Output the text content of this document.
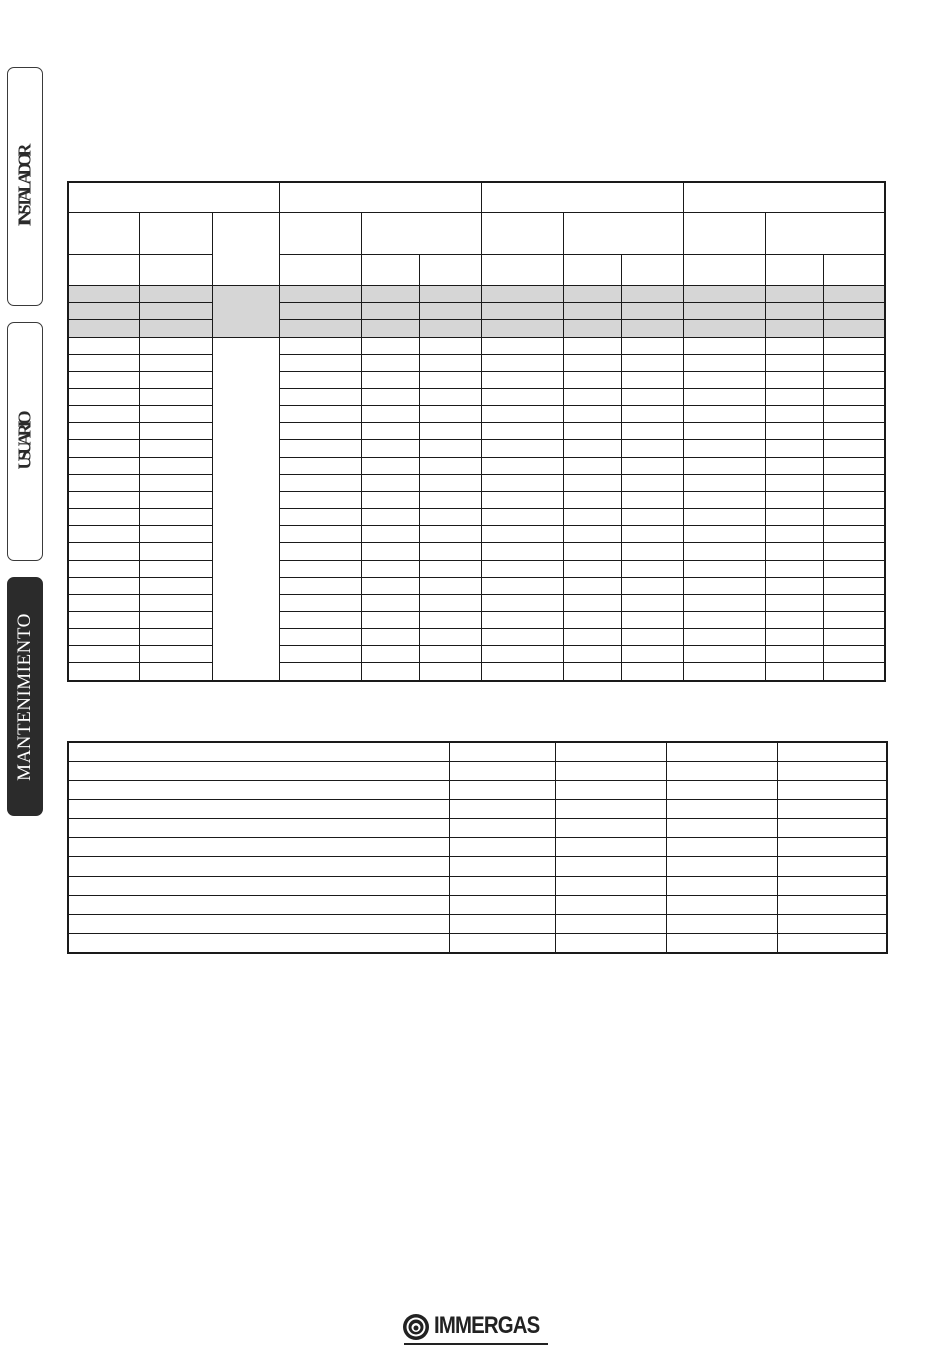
INSTALADOR
USUARIO
MANTENIMIENTO

IMMERGAS
